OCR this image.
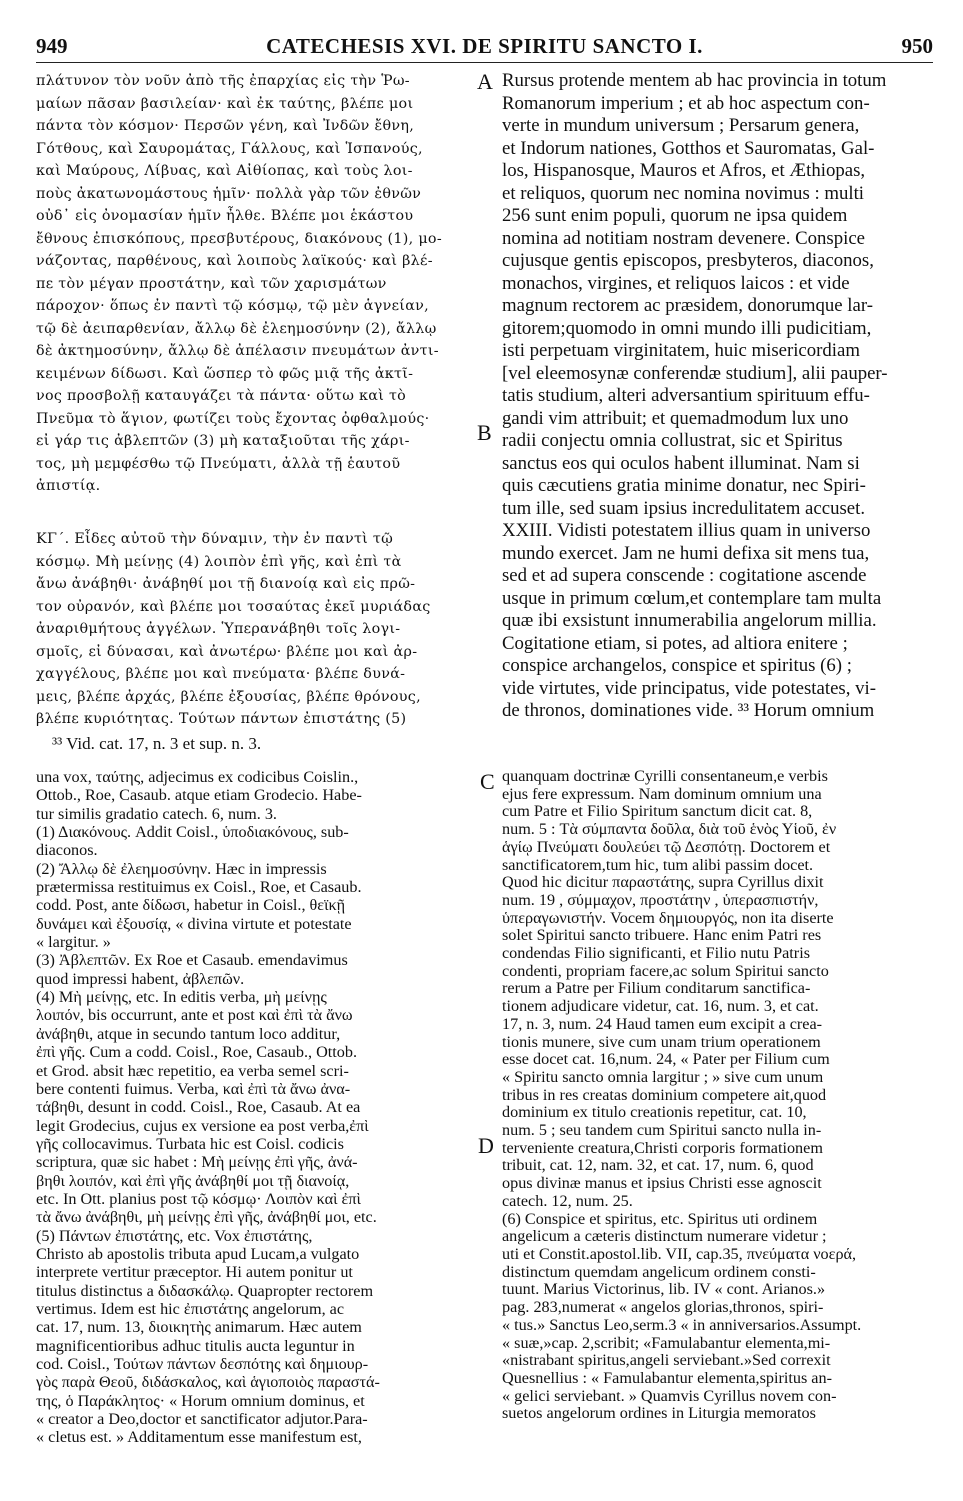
949	CATECHESIS XVI. DE SPIRITU SANCTO I.	950
πλάτυνον τὸν νοῦν ἀπὸ τῆς ἐπαρχίας εἰς τὴν Ῥω-
μαίων πᾶσαν βασιλείαν· καὶ ἐκ ταύτης, βλέπε μοι
πάντα τὸν κόσμον· Περσῶν γένη, καὶ Ἰνδῶν ἔθνη,
Γότθους, καὶ Σαυρομάτας, Γάλλους, καὶ Ἱσπανούς,
καὶ Μαύρους, Λίβυας, καὶ Αἰθίοπας, καὶ τοὺς λοι-
ποὺς ἀκατωνομάστους ἡμῖν· πολλὰ γὰρ τῶν ἐθνῶν
οὐδ᾽ εἰς ὀνομασίαν ἡμῖν ἦλθε. Βλέπε μοι ἑκάστου
ἔθνους ἐπισκόπους, πρεσβυτέρους, διακόνους (1), μο-
νάζοντας, παρθένους, καὶ λοιποὺς λαϊκούς· καὶ βλέ-
πε τὸν μέγαν προστάτην, καὶ τῶν χαρισμάτων
πάροχον· ὅπως ἐν παντὶ τῷ κόσμῳ, τῷ μὲν ἁγνείαν,
τῷ δὲ ἀειπαρθενίαν, ἄλλῳ δὲ ἐλεημοσύνην (2), ἄλλῳ
δὲ ἀκτημοσύνην, ἄλλῳ δὲ ἀπέλασιν πνευμάτων ἀντι-
κειμένων δίδωσι. Καὶ ὥσπερ τὸ φῶς μιᾷ τῆς ἀκτῖ-
νος προσβολῇ καταυγάζει τὰ πάντα· οὕτω καὶ τὸ
Πνεῦμα τὸ ἅγιον, φωτίζει τοὺς ἔχοντας ὀφθαλμούς·
εἰ γάρ τις ἀβλεπτῶν (3) μὴ καταξιοῦται τῆς χάρι-
τος, μὴ μεμφέσθω τῷ Πνεύματι, ἀλλὰ τῇ ἑαυτοῦ
ἀπιστίᾳ.
ΚΓ΄. Εἶδες αὐτοῦ τὴν δύναμιν, τὴν ἐν παντὶ τῷ
κόσμῳ. Μὴ μείνῃς (4) λοιπὸν ἐπὶ γῆς, καὶ ἐπὶ τὰ
ἄνω ἀνάβηθι· ἀνάβηθί μοι τῇ διανοίᾳ καὶ εἰς πρῶ-
τον οὐρανόν, καὶ βλέπε μοι τοσαύτας ἐκεῖ μυριάδας
ἀναριθμήτους ἀγγέλων. Ὑπερανάβηθι τοῖς λογι-
σμοῖς, εἰ δύνασαι, καὶ ἀνωτέρω· βλέπε μοι καὶ ἀρ-
χαγγέλους, βλέπε μοι καὶ πνεύματα· βλέπε δυνά-
μεις, βλέπε ἀρχάς, βλέπε ἐξουσίας, βλέπε θρόνους,
βλέπε κυριότητας. Τούτων πάντων ἐπιστάτης (5)
³³ Vid. cat. 17, n. 3 et sup. n. 3.
Rursus protende mentem ab hac provincia in totum
Romanorum imperium ; et ab hoc aspectum con-
verte in mundum universum ; Persarum genera,
et Indorum nationes, Gotthos et Sauromatas, Gal-
los, Hispanosque, Mauros et Afros, et Æthiopas,
et reliquos, quorum nec nomina novimus : multi
256 sunt enim populi, quorum ne ipsa quidem
nomina ad notitiam nostram devenere. Conspice
cujusque gentis episcopos, presbyteros, diaconos,
monachos, virgines, et reliquos laicos : et vide
magnum rectorem ac præsidem, donorumque lar-
gitorem;quomodo in omni mundo illi pudicitiam,
isti perpetuam virginitatem, huic misericordiam
[vel eleemosynæ conferendæ studium], alii pauper-
tatis studium, alteri adversantium spirituum effu-
gandi vim attribuit; et quemadmodum lux uno
radii conjectu omnia collustrat, sic et Spiritus
sanctus eos qui oculos habent illuminat. Nam si
quis cæcutiens gratia minime donatur, nec Spiri-
tum ille, sed suam ipsius incredulitatem accuset.
XXIII. Vidisti potestatem illius quam in universo
mundo exercet. Jam ne humi defixa sit mens tua,
sed et ad supera conscende : cogitatione ascende
usque in primum cœlum,et contemplare tam multa
quæ ibi exsistunt innumerabilia angelorum millia.
Cogitatione etiam, si potes, ad altiora enitere ;
conspice archangelos, conspice et spiritus (6) ;
vide virtutes, vide principatus, vide potestates, vi-
de thronos, dominationes vide. ³³ Horum omnium
una vox, ταύτης, adjecimus ex codicibus Coislin.,
Ottob., Roe, Casaub. atque etiam Grodecio. Habe-
tur similis gradatio catech. 6, num. 3.
(1) Διακόνους. Addit Coisl., ὑποδιακόνους, sub-
diaconos.
(2) Ἄλλῳ δὲ ἐλεημοσύνην. Hæc in impressis
prætermissa restituimus ex Coisl., Roe, et Casaub.
codd. Post, ante δίδωσι, habetur in Coisl., θεϊκῇ
δυνάμει καὶ ἐξουσίᾳ, « divina virtute et potestate
« largitur. »
(3) Ἀβλεπτῶν. Ex Roe et Casaub. emendavimus
quod impressi habent, ἀβλεπῶν.
(4) Μὴ μείνῃς, etc. In editis verba, μὴ μείνῃς
λοιπόν, bis occurrunt, ante et post καὶ ἐπὶ τὰ ἄνω
ἀνάβηθι, atque in secundo tantum loco additur,
ἐπὶ γῆς. Cum a codd. Coisl., Roe, Casaub., Ottob.
et Grod. absit hæc repetitio, ea verba semel scri-
bere contenti fuimus. Verba, καὶ ἐπὶ τὰ ἄνω ἀνα-
τάβηθι, desunt in codd. Coisl., Roe, Casaub. At ea
legit Grodecius, cujus ex versione ea post verba,ἐπὶ
γῆς collocavimus. Turbata hic est Coisl. codicis
scriptura, quæ sic habet : Μὴ μείνῃς ἐπὶ γῆς, ἀνά-
βηθι λοιπόν, καὶ ἐπὶ γῆς ἀνάβηθί μοι τῇ διανοίᾳ,
etc. In Ott. planius post τῷ κόσμῳ· Λοιπὸν καὶ ἐπὶ
τὰ ἄνω ἀνάβηθι, μὴ μείνῃς ἐπὶ γῆς, ἀνάβηθί μοι, etc.
(5) Πάντων ἐπιστάτης, etc. Vox ἐπιστάτης,
Christo ab apostolis tributa apud Lucam,a vulgato
interprete vertitur præceptor. Hi autem ponitur ut
titulus distinctus a διδασκάλῳ. Quapropter rectorem
vertimus. Idem est hic ἐπιστάτης angelorum, ac
cat. 17, num. 13, διοικητὴς animarum. Hæc autem
magnificentioribus adhuc titulis aucta leguntur in
cod. Coisl., Τούτων πάντων δεσπότης καὶ δημιουρ-
γὸς παρὰ Θεοῦ, διδάσκαλος, καὶ ἁγιοποιὸς παραστά-
της, ὁ Παράκλητος· « Horum omnium dominus, et
« creator a Deo,doctor et sanctificator adjutor.Para-
« cletus est. » Additamentum esse manifestum est,
quanquam doctrinæ Cyrilli consentaneum,e verbis
ejus fere expressum. Nam dominum omnium una
cum Patre et Filio Spiritum sanctum dicit cat. 8,
num. 5 : Τὰ σύμπαντα δοῦλα, διὰ τοῦ ἑνὸς Υἱοῦ, ἐν
ἁγίῳ Πνεύματι δουλεύει τῷ Δεσπότῃ. Doctorem et
sanctificatorem,tum hic, tum alibi passim docet.
Quod hic dicitur παραστάτης, supra Cyrillus dixit
num. 19 , σύμμαχον, προστάτην , ὑπερασπιστήν,
ὑπεραγωνιστήν. Vocem δημιουργός, non ita diserte
solet Spiritui sancto tribuere. Hanc enim Patri res
condendas Filio significanti, et Filio nutu Patris
condenti, propriam facere,ac solum Spiritui sancto
rerum a Patre per Filium conditarum sanctifica-
tionem adjudicare videtur, cat. 16, num. 3, et cat.
17, n. 3, num. 24 Haud tamen eum excipit a crea-
tionis munere, sive cum unam trium operationem
esse docet cat. 16,num. 24, « Pater per Filium cum
« Spiritu sancto omnia largitur ; » sive cum unum
tribus in res creatas dominium competere ait,quod
dominium ex titulo creationis repetitur, cat. 10,
num. 5 ; seu tandem cum Spiritui sancto nulla in-
terveniente creatura,Christi corporis formationem
tribuit, cat. 12, nam. 32, et cat. 17, num. 6, quod
opus divinæ manus et ipsius Christi esse agnoscit
catech. 12, num. 25.
(6) Conspice et spiritus, etc. Spiritus uti ordinem
angelicum a cæteris distinctum numerare videtur ;
uti et Constit.apostol.lib. VII, cap.35, πνεύματα νοερά,
distinctum quemdam angelicum ordinem consti-
tuunt. Marius Victorinus, lib. IV « cont. Arianos.»
pag. 283,numerat « angelos glorias,thronos, spiri-
« tus.» Sanctus Leo,serm.3 « in anniversarios.Assumpt.
« suæ,»cap. 2,scribit; «Famulabantur elementa,mi-
«nistrabant spiritus,angeli serviebant.»Sed correxit
Quesnellius : « Famulabantur elementa,spiritus an-
« gelici serviebant. » Quamvis Cyrillus novem con-
suetos angelorum ordines in Liturgia memoratos
A
B
C
D
